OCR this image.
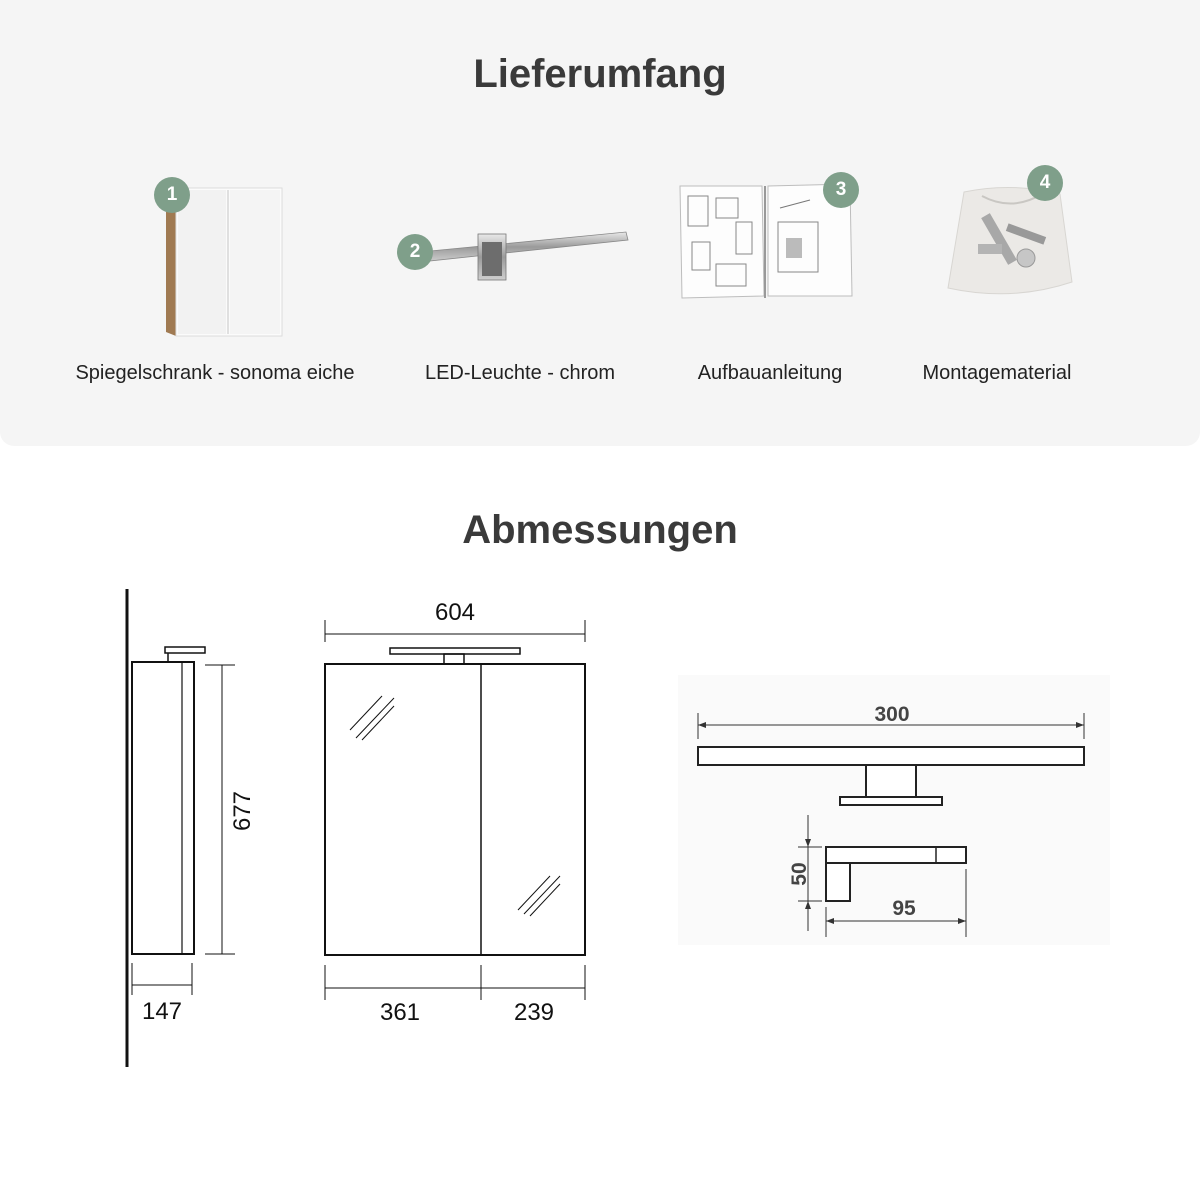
Lieferumfang
1
Spiegelschrank - sonoma eiche
2
LED-Leuchte - chrom
3
Aufbauanleitung
4
Montagematerial
Abmessungen
677
147
604
361	239
300
50
95
